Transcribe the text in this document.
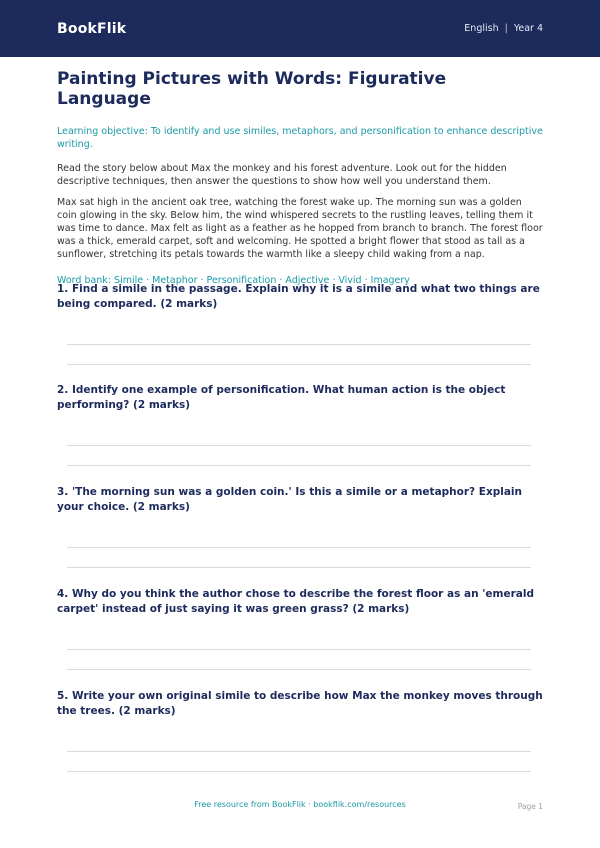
BookFlik	English | Year 4
Painting Pictures with Words: Figurative Language
Learning objective: To identify and use similes, metaphors, and personification to enhance descriptive writing.
Read the story below about Max the monkey and his forest adventure. Look out for the hidden descriptive techniques, then answer the questions to show how well you understand them.
Max sat high in the ancient oak tree, watching the forest wake up. The morning sun was a golden coin glowing in the sky. Below him, the wind whispered secrets to the rustling leaves, telling them it was time to dance. Max felt as light as a feather as he hopped from branch to branch. The forest floor was a thick, emerald carpet, soft and welcoming. He spotted a bright flower that stood as tall as a sunflower, stretching its petals towards the warmth like a sleepy child waking from a nap.
Word bank: Simile · Metaphor · Personification · Adjective · Vivid · Imagery

1. Find a simile in the passage. Explain why it is a simile and what two things are being compared. (2 marks)

2. Identify one example of personification. What human action is the object performing? (2 marks)

3. 'The morning sun was a golden coin.' Is this a simile or a metaphor? Explain your choice. (2 marks)

4. Why do you think the author chose to describe the forest floor as an 'emerald carpet' instead of just saying it was green grass? (2 marks)

5. Write your own original simile to describe how Max the monkey moves through the trees. (2 marks)

Free resource from BookFlik · bookflik.com/resources	Page 1
